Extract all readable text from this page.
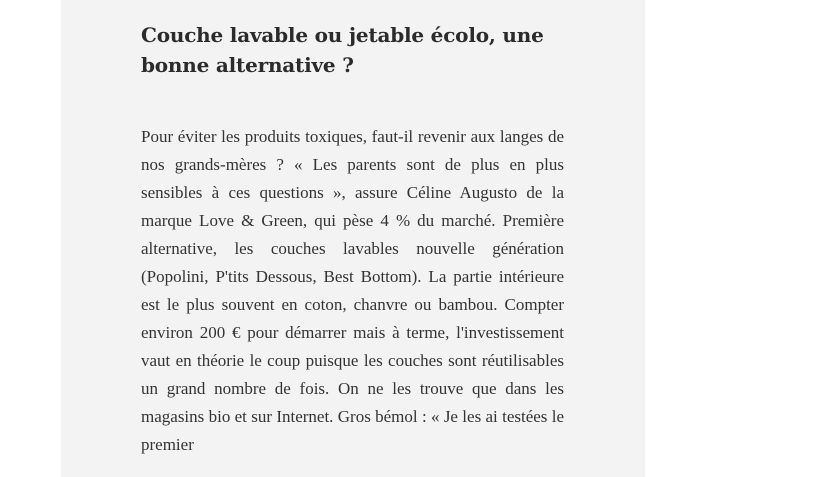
Couche lavable ou jetable écolo, une bonne alternative ?

Pour éviter les produits toxiques, faut-il revenir aux langes de nos grands-mères ? « Les parents sont de plus en plus sensibles à ces questions », assure Céline Augusto de la marque Love & Green, qui pèse 4 % du marché. Première alternative, les couches lavables nouvelle génération (Popolini, P'tits Dessous, Best Bottom). La partie intérieure est le plus souvent en coton, chanvre ou bambou. Compter environ 200 € pour démarrer mais à terme, l'investissement vaut en théorie le coup puisque les couches sont réutilisables un grand nombre de fois. On ne les trouve que dans les magasins bio et sur Internet. Gros bémol : « Je les ai testées le premier
